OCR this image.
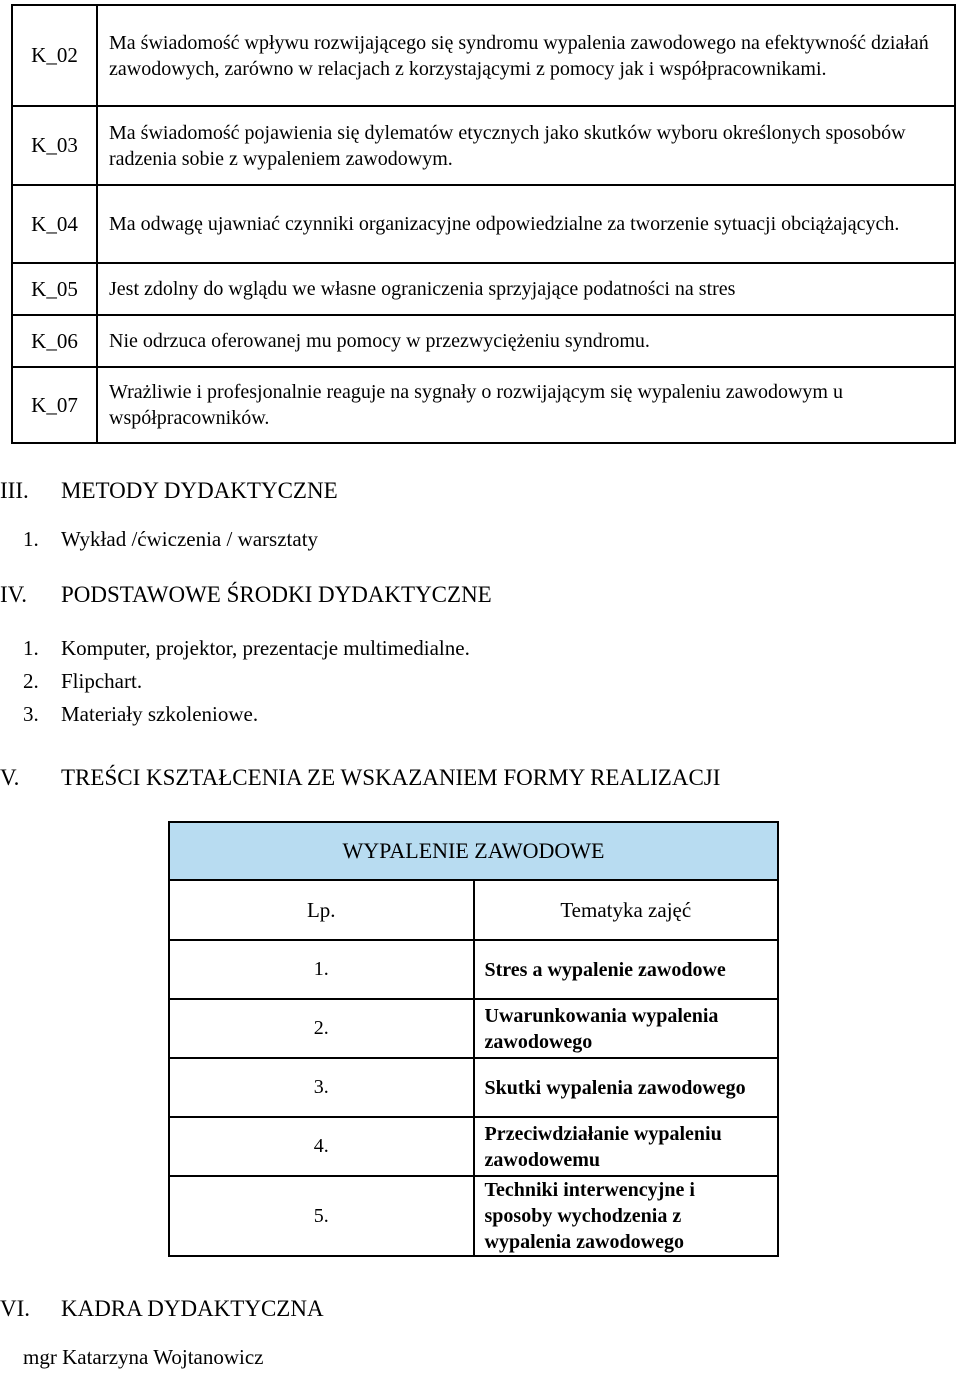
K_02	Ma świadomość wpływu rozwijającego się syndromu wypalenia zawodowego na efektywność działań zawodowych, zarówno w relacjach z korzystającymi z pomocy jak i współpracownikami.
K_03	Ma świadomość pojawienia się dylematów etycznych jako skutków wyboru określonych sposobów radzenia sobie z wypaleniem zawodowym.
K_04	Ma odwagę ujawniać czynniki organizacyjne odpowiedzialne za tworzenie sytuacji obciążających.
K_05	Jest zdolny do wglądu we własne ograniczenia sprzyjające podatności na stres
K_06	Nie odrzuca oferowanej mu pomocy w przezwyciężeniu syndromu.
K_07	Wrażliwie i profesjonalnie reaguje na sygnały o rozwijającym się wypaleniu zawodowym u współpracowników.
III.	METODY DYDAKTYCZNE
1. Wykład /ćwiczenia / warsztaty
IV.	PODSTAWOWE ŚRODKI DYDAKTYCZNE
1. Komputer, projektor, prezentacje multimedialne.
2. Flipchart.
3. Materiały szkoleniowe.
V.	TREŚCI KSZTAŁCENIA ZE WSKAZANIEM FORMY REALIZACJI
WYPALENIE ZAWODOWE	
Lp.	Tematyka zajęć
1.	Stres a wypalenie zawodowe
2.	Uwarunkowania wypalenia zawodowego
3.	Skutki wypalenia zawodowego
4.	Przeciwdziałanie wypaleniu zawodowemu
5.	Techniki interwencyjne i sposoby wychodzenia z wypalenia zawodowego
VI.	KADRA DYDAKTYCZNA
mgr Katarzyna Wojtanowicz
